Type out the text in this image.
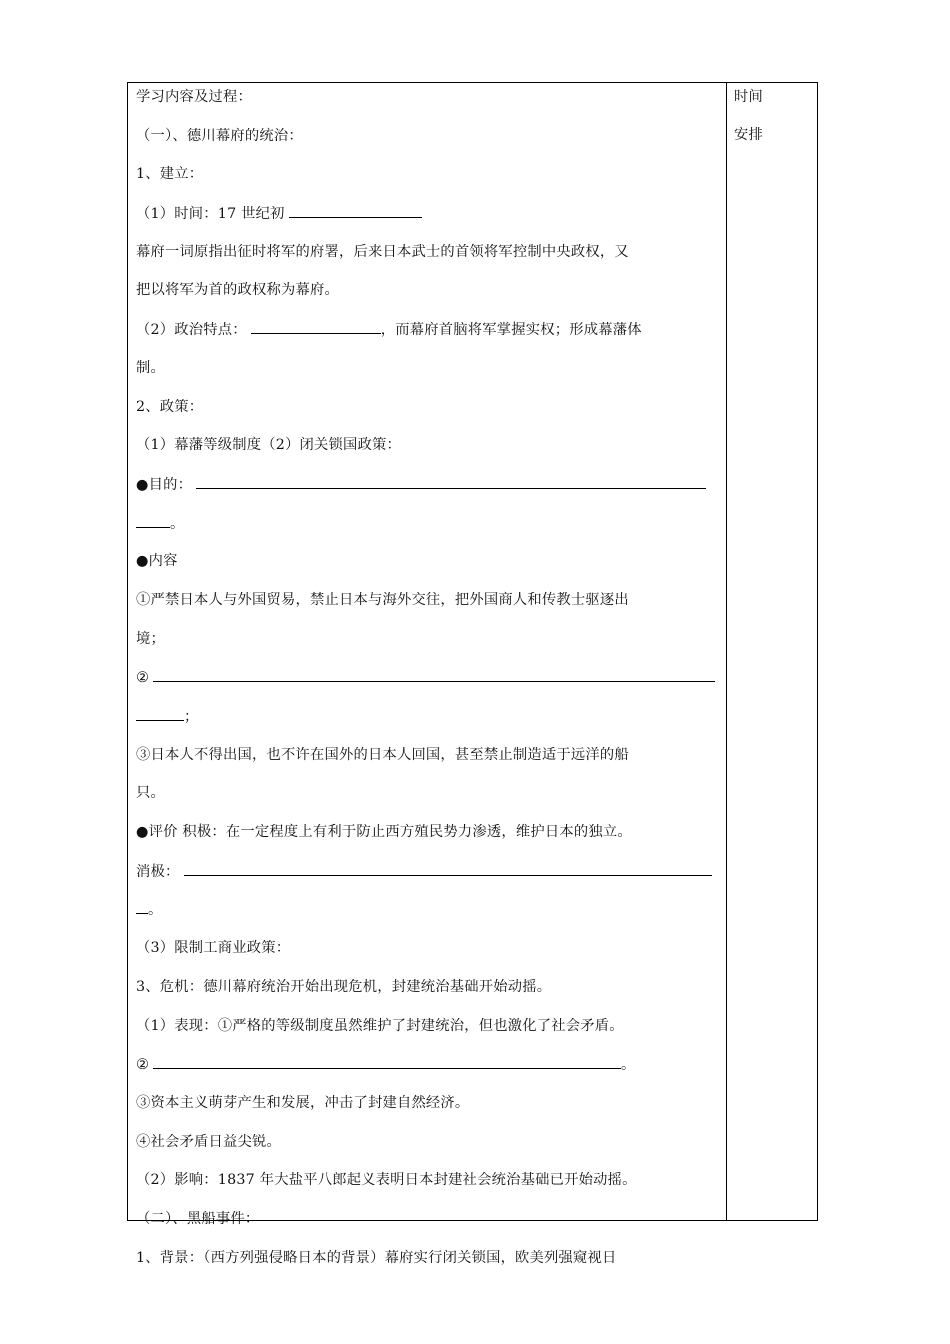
学习内容及过程：
（一）、德川幕府的统治：
1、建立：
（1）时间：17 世纪初
幕府一词原指出征时将军的府署，后来日本武士的首领将军控制中央政权，又
把以将军为首的政权称为幕府。
（2）政治特点：	，而幕府首脑将军掌握实权；形成幕藩体
制。
2、政策：
（1）幕藩等级制度（2）闭关锁国政策：
●目的：
。
●内容
①严禁日本人与外国贸易，禁止日本与海外交往，把外国商人和传教士驱逐出
境；
②
；
③日本人不得出国，也不许在国外的日本人回国，甚至禁止制造适于远洋的船
只。
●评价 积极：在一定程度上有利于防止西方殖民势力渗透，维护日本的独立。
消极：
。
（3）限制工商业政策：
3、危机：德川幕府统治开始出现危机，封建统治基础开始动摇。
（1）表现：①严格的等级制度虽然维护了封建统治，但也激化了社会矛盾。
②	。
③资本主义萌芽产生和发展，冲击了封建自然经济。
④社会矛盾日益尖锐。
（2）影响：1837 年大盐平八郎起义表明日本封建社会统治基础已开始动摇。
（二）、黑船事件：
1、背景：（西方列强侵略日本的背景）幕府实行闭关锁国，欧美列强窥视日
时间
安排
